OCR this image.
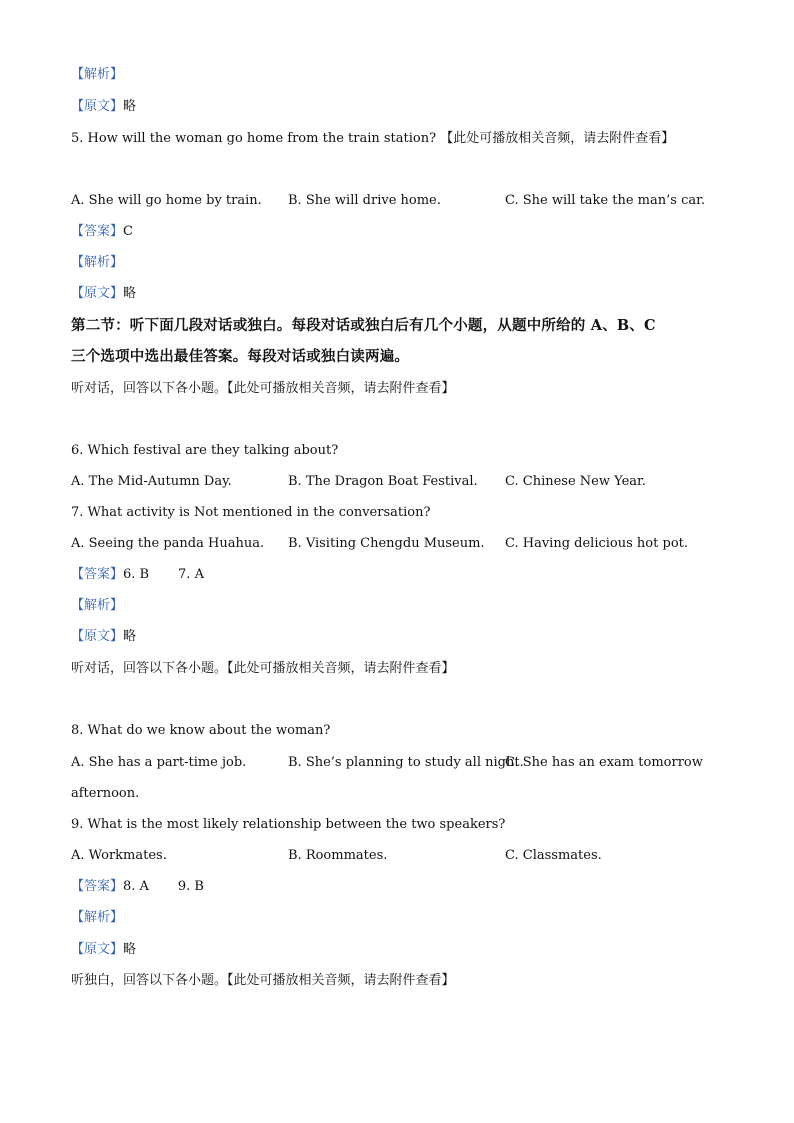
【解析】
【原文】略
5. How will the woman go home from the train station? 【此处可播放相关音频，请去附件查看】
A. She will go home by train. B. She will drive home.	C. She will take the man’s car.
【答案】C
【解析】
【原文】略
第二节：听下面几段对话或独白。每段对话或独白后有几个小题，从题中所给的 A、B、C
三个选项中选出最佳答案。每段对话或独白读两遍。
听对话，回答以下各小题。【此处可播放相关音频，请去附件查看】
6. Which festival are they talking about?
A. The Mid-Autumn Day.	B. The Dragon Boat Festival. C. Chinese New Year.
7. What activity is Not mentioned in the conversation?
A. Seeing the panda Huahua. B. Visiting Chengdu Museum. C. Having delicious hot pot.
【答案】6. B       7. A
【解析】
【原文】略
听对话，回答以下各小题。【此处可播放相关音频，请去附件查看】
8. What do we know about the woman?
A. She has a part-time job.	B. She’s planning to study all night.
C. She has an exam tomorrow
afternoon.
9. What is the most likely relationship between the two speakers?
A. Workmates.	B. Roommates.	C. Classmates.
【答案】8. A       9. B
【解析】
【原文】略
听独白，回答以下各小题。【此处可播放相关音频，请去附件查看】
